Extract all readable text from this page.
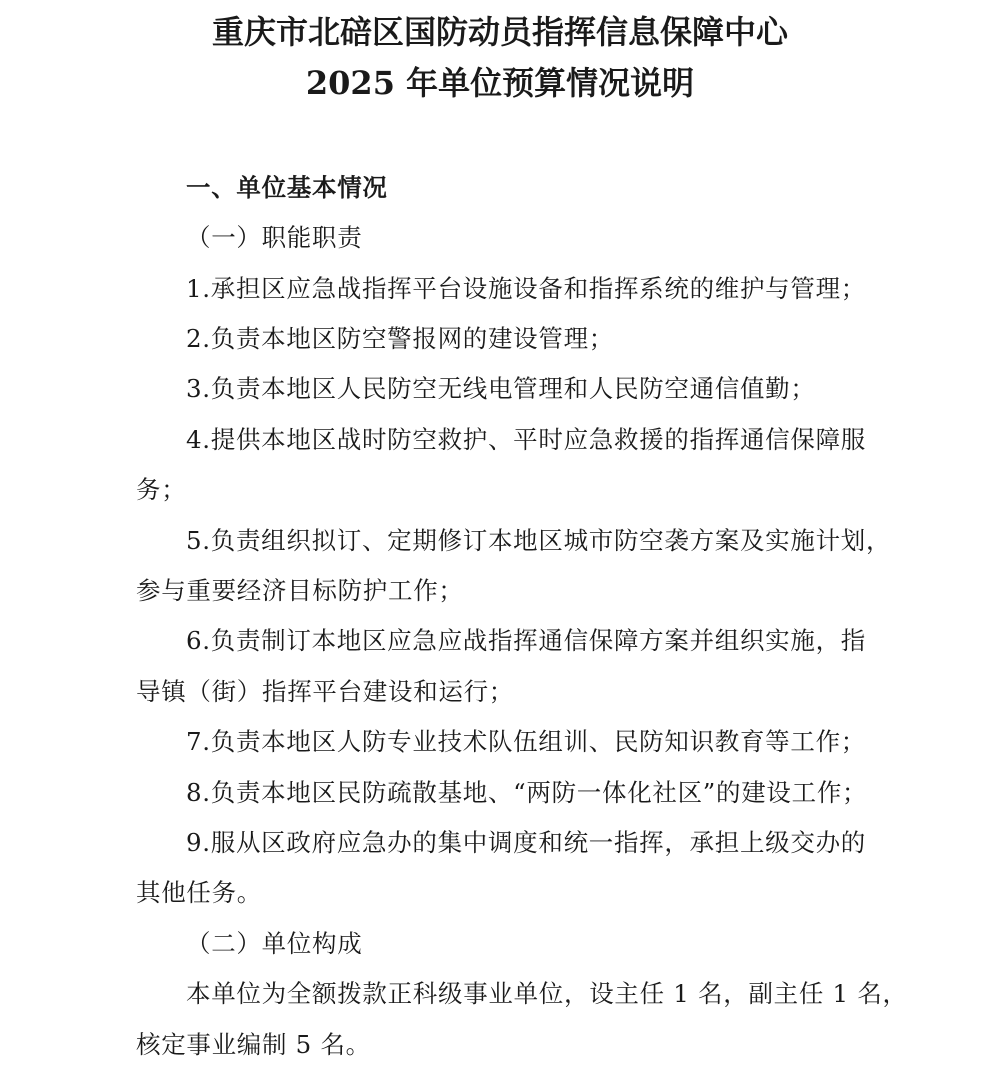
重庆市北碚区国防动员指挥信息保障中心
2025 年单位预算情况说明
一、单位基本情况
（一）职能职责
1.承担区应急战指挥平台设施设备和指挥系统的维护与管理；
2.负责本地区防空警报网的建设管理；
3.负责本地区人民防空无线电管理和人民防空通信值勤；
4.提供本地区战时防空救护、平时应急救援的指挥通信保障服
务；
5.负责组织拟订、定期修订本地区城市防空袭方案及实施计划，
参与重要经济目标防护工作；
6.负责制订本地区应急应战指挥通信保障方案并组织实施，指
导镇（街）指挥平台建设和运行；
7.负责本地区人防专业技术队伍组训、民防知识教育等工作；
8.负责本地区民防疏散基地、“两防一体化社区”的建设工作；
9.服从区政府应急办的集中调度和统一指挥，承担上级交办的
其他任务。
（二）单位构成
本单位为全额拨款正科级事业单位，设主任 1 名，副主任 1 名，
核定事业编制 5 名。
